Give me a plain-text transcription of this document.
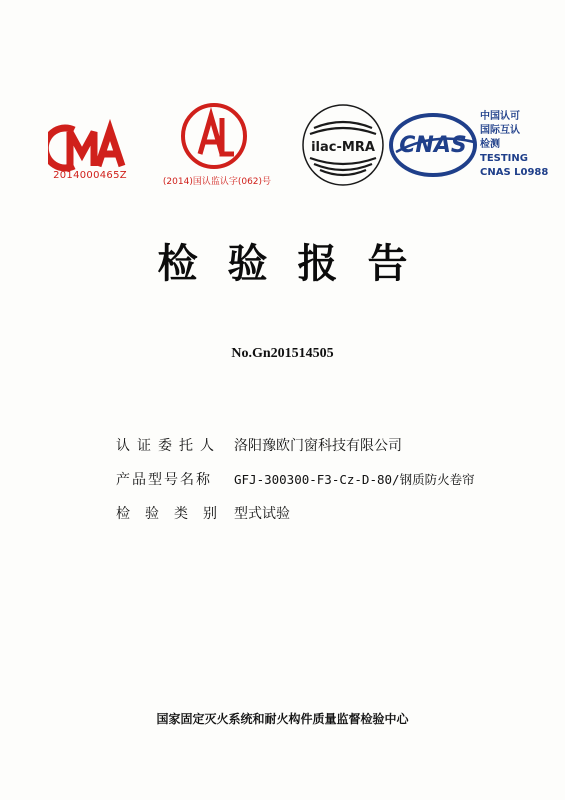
2014000465Z
(2014)国认监认字(062)号
ilac-MRA CNAS
中国认可
国际互认
检测
TESTING
CNAS L0988
检验报告
No.Gn201514505
认证委托人 洛阳豫欧门窗科技有限公司
产品型号名称	GFJ-300300-F3-Cz-D-80/钢质防火卷帘
检验类别 型式试验
国家固定灭火系统和耐火构件质量监督检验中心
